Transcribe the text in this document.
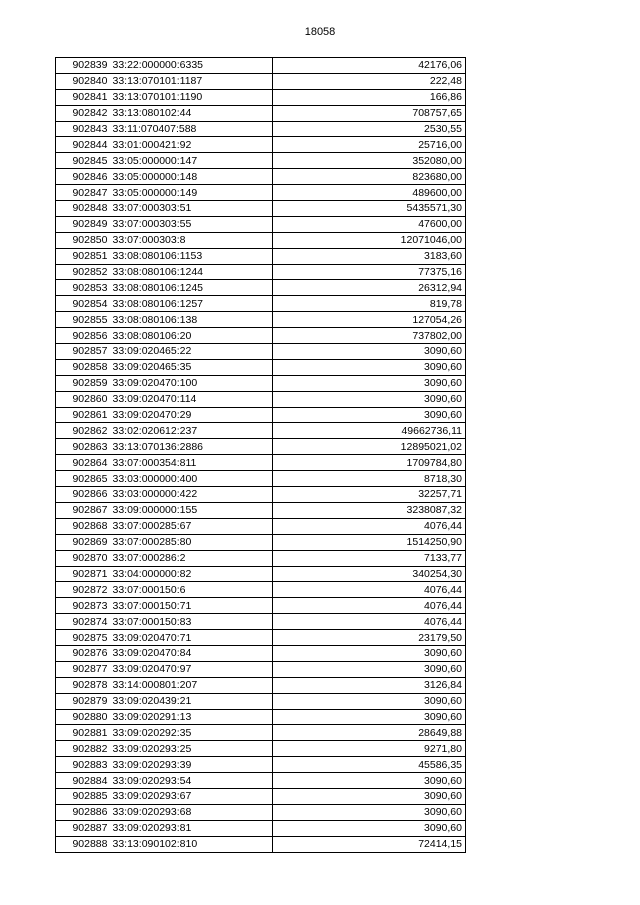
18058
902839	33:22:000000:6335	42176,06
902840	33:13:070101:1187	222,48
902841	33:13:070101:1190	166,86
902842	33:13:080102:44	708757,65
902843	33:11:070407:588	2530,55
902844	33:01:000421:92	25716,00
902845	33:05:000000:147	352080,00
902846	33:05:000000:148	823680,00
902847	33:05:000000:149	489600,00
902848	33:07:000303:51	5435571,30
902849	33:07:000303:55	47600,00
902850	33:07:000303:8	12071046,00
902851	33:08:080106:1153	3183,60
902852	33:08:080106:1244	77375,16
902853	33:08:080106:1245	26312,94
902854	33:08:080106:1257	819,78
902855	33:08:080106:138	127054,26
902856	33:08:080106:20	737802,00
902857	33:09:020465:22	3090,60
902858	33:09:020465:35	3090,60
902859	33:09:020470:100	3090,60
902860	33:09:020470:114	3090,60
902861	33:09:020470:29	3090,60
902862	33:02:020612:237	49662736,11
902863	33:13:070136:2886	12895021,02
902864	33:07:000354:811	1709784,80
902865	33:03:000000:400	8718,30
902866	33:03:000000:422	32257,71
902867	33:09:000000:155	3238087,32
902868	33:07:000285:67	4076,44
902869	33:07:000285:80	1514250,90
902870	33:07:000286:2	7133,77
902871	33:04:000000:82	340254,30
902872	33:07:000150:6	4076,44
902873	33:07:000150:71	4076,44
902874	33:07:000150:83	4076,44
902875	33:09:020470:71	23179,50
902876	33:09:020470:84	3090,60
902877	33:09:020470:97	3090,60
902878	33:14:000801:207	3126,84
902879	33:09:020439:21	3090,60
902880	33:09:020291:13	3090,60
902881	33:09:020292:35	28649,88
902882	33:09:020293:25	9271,80
902883	33:09:020293:39	45586,35
902884	33:09:020293:54	3090,60
902885	33:09:020293:67	3090,60
902886	33:09:020293:68	3090,60
902887	33:09:020293:81	3090,60
902888	33:13:090102:810	72414,15
